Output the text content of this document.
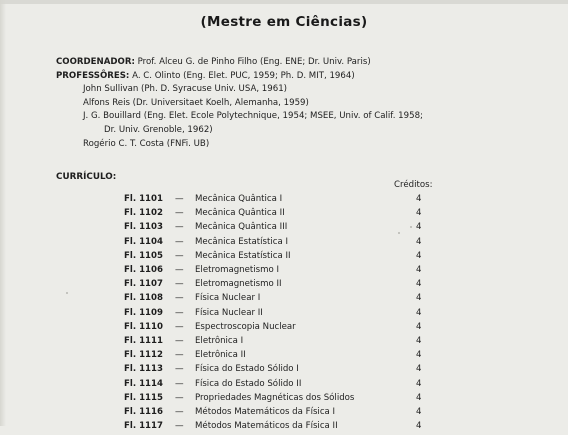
(Mestre em Ciências)
COORDENADOR: Prof. Alceu G. de Pinho Filho (Eng. ENE; Dr. Univ. Paris)
PROFESSÔRES: A. C. Olinto (Eng. Elet. PUC, 1959; Ph. D. MIT, 1964)
John Sullivan (Ph. D. Syracuse Univ. USA, 1961)
Alfons Reis (Dr. Universitaet Koelh, Alemanha, 1959)
J. G. Bouillard (Eng. Elet. Ecole Polytechnique, 1954; MSEE, Univ. of Calif. 1958;
Dr. Univ. Grenoble, 1962)
Rogério C. T. Costa (FNFi. UB)
CURRÍCULO:
Créditos:
Fl. 1101 — Mecânica Quântica I	4
Fl. 1102 — Mecânica Quântica II	4
Fl. 1103 — Mecânica Quântica III	4
Fl. 1104 — Mecânica Estatística I	4
Fl. 1105 — Mecânica Estatística II	4
Fl. 1106 — Eletromagnetismo I	4
Fl. 1107 — Eletromagnetismo II	4
Fl. 1108 — Física Nuclear I	4
Fl. 1109 — Física Nuclear II	4
Fl. 1110 — Espectroscopia Nuclear	4
Fl. 1111 — Eletrônica I	4
Fl. 1112 — Eletrônica II	4
Fl. 1113 — Física do Estado Sólido I	4
Fl. 1114 — Física do Estado Sólido II	4
Fl. 1115 — Propriedades Magnéticas dos Sólidos	4
Fl. 1116 — Métodos Matemáticos da Física I	4
Fl. 1117 — Métodos Matemáticos da Física II	4
